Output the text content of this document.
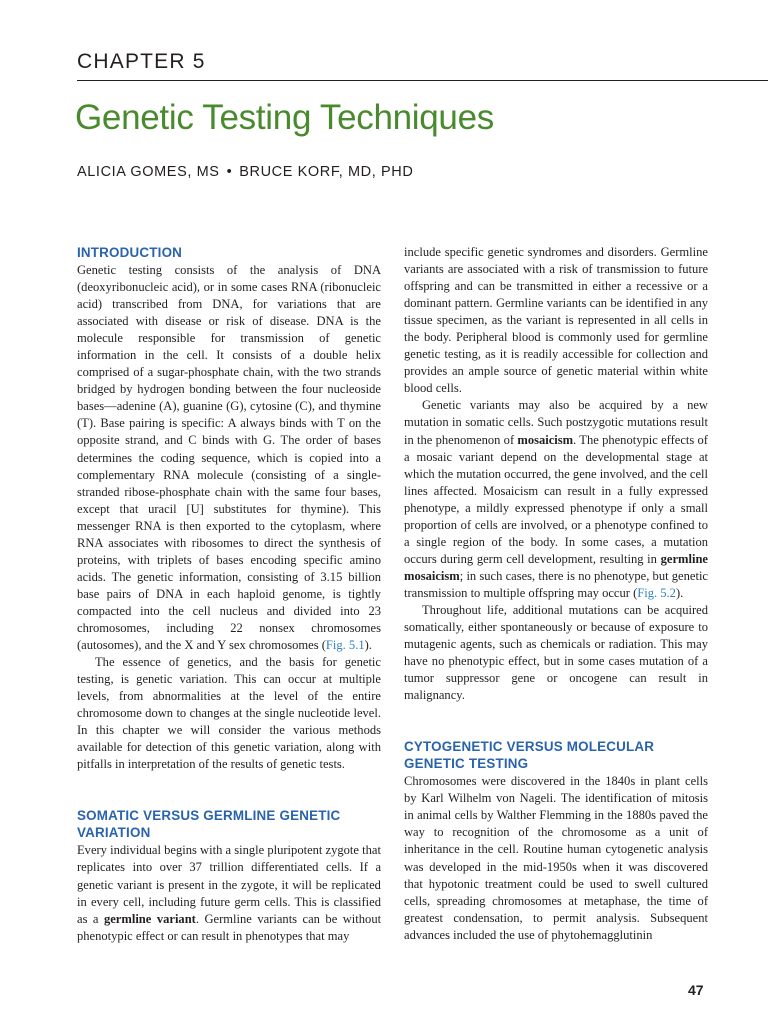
CHAPTER 5
Genetic Testing Techniques
ALICIA GOMES, MS • BRUCE KORF, MD, PHD
INTRODUCTION

Genetic testing consists of the analysis of DNA (deoxyribonucleic acid), or in some cases RNA (ribonucleic acid) transcribed from DNA, for variations that are associated with disease or risk of disease. DNA is the molecule responsible for transmission of genetic information in the cell. It consists of a double helix comprised of a sugar-phosphate chain, with the two strands bridged by hydrogen bonding between the four nucleoside bases—adenine (A), guanine (G), cytosine (C), and thymine (T). Base pairing is specific: A always binds with T on the opposite strand, and C binds with G. The order of bases determines the coding sequence, which is copied into a complementary RNA molecule (consisting of a single-stranded ribose-phosphate chain with the same four bases, except that uracil [U] substitutes for thymine). This messenger RNA is then exported to the cytoplasm, where RNA associates with ribosomes to direct the synthesis of proteins, with triplets of bases encoding specific amino acids. The genetic information, consisting of 3.15 billion base pairs of DNA in each haploid genome, is tightly compacted into the cell nucleus and divided into 23 chromosomes, including 22 nonsex chromosomes (autosomes), and the X and Y sex chromosomes (Fig. 5.1).

The essence of genetics, and the basis for genetic testing, is genetic variation. This can occur at multiple levels, from abnormalities at the level of the entire chromosome down to changes at the single nucleotide level. In this chapter we will consider the various methods available for detection of this genetic variation, along with pitfalls in interpretation of the results of genetic tests.

SOMATIC VERSUS GERMLINE GENETIC VARIATION

Every individual begins with a single pluripotent zygote that replicates into over 37 trillion differentiated cells. If a genetic variant is present in the zygote, it will be replicated in every cell, including future germ cells. This is classified as a germline variant. Germline variants can be without phenotypic effect or can result in phenotypes that may

include specific genetic syndromes and disorders. Germline variants are associated with a risk of transmission to future offspring and can be transmitted in either a recessive or a dominant pattern. Germline variants can be identified in any tissue specimen, as the variant is represented in all cells in the body. Peripheral blood is commonly used for germline genetic testing, as it is readily accessible for collection and provides an ample source of genetic material within white blood cells.

Genetic variants may also be acquired by a new mutation in somatic cells. Such postzygotic mutations result in the phenomenon of mosaicism. The phenotypic effects of a mosaic variant depend on the developmental stage at which the mutation occurred, the gene involved, and the cell lines affected. Mosaicism can result in a fully expressed phenotype, a mildly expressed phenotype if only a small proportion of cells are involved, or a phenotype confined to a single region of the body. In some cases, a mutation occurs during germ cell development, resulting in germline mosaicism; in such cases, there is no phenotype, but genetic transmission to multiple offspring may occur (Fig. 5.2).

Throughout life, additional mutations can be acquired somatically, either spontaneously or because of exposure to mutagenic agents, such as chemicals or radiation. This may have no phenotypic effect, but in some cases mutation of a tumor suppressor gene or oncogene can result in malignancy.

CYTOGENETIC VERSUS MOLECULAR GENETIC TESTING

Chromosomes were discovered in the 1840s in plant cells by Karl Wilhelm von Nageli. The identification of mitosis in animal cells by Walther Flemming in the 1880s paved the way to recognition of the chromosome as a unit of inheritance in the cell. Routine human cytogenetic analysis was developed in the mid-1950s when it was discovered that hypotonic treatment could be used to swell cultured cells, spreading chromosomes at metaphase, the time of greatest condensation, to permit analysis. Subsequent advances included the use of phytohemagglutinin

47
